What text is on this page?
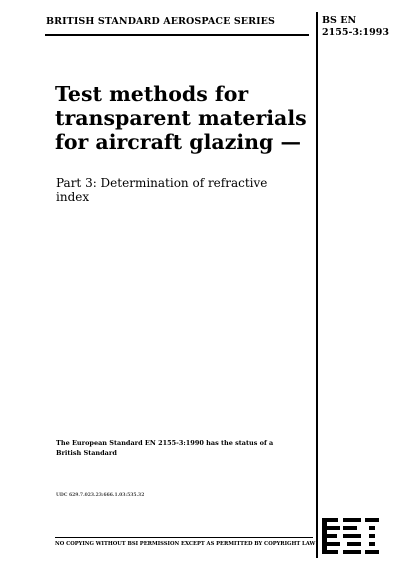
BRITISH STANDARD AEROSPACE SERIES	BS EN
2155-3:1993
Test methods for transparent materials for aircraft glazing —
Part 3: Determination of refractive index
The European Standard EN 2155-3:1990 has the status of a British Standard
UDC 629.7.023.23:666.1.03:535.32
NO COPYING WITHOUT BSI PERMISSION EXCEPT AS PERMITTED BY COPYRIGHT LAW
